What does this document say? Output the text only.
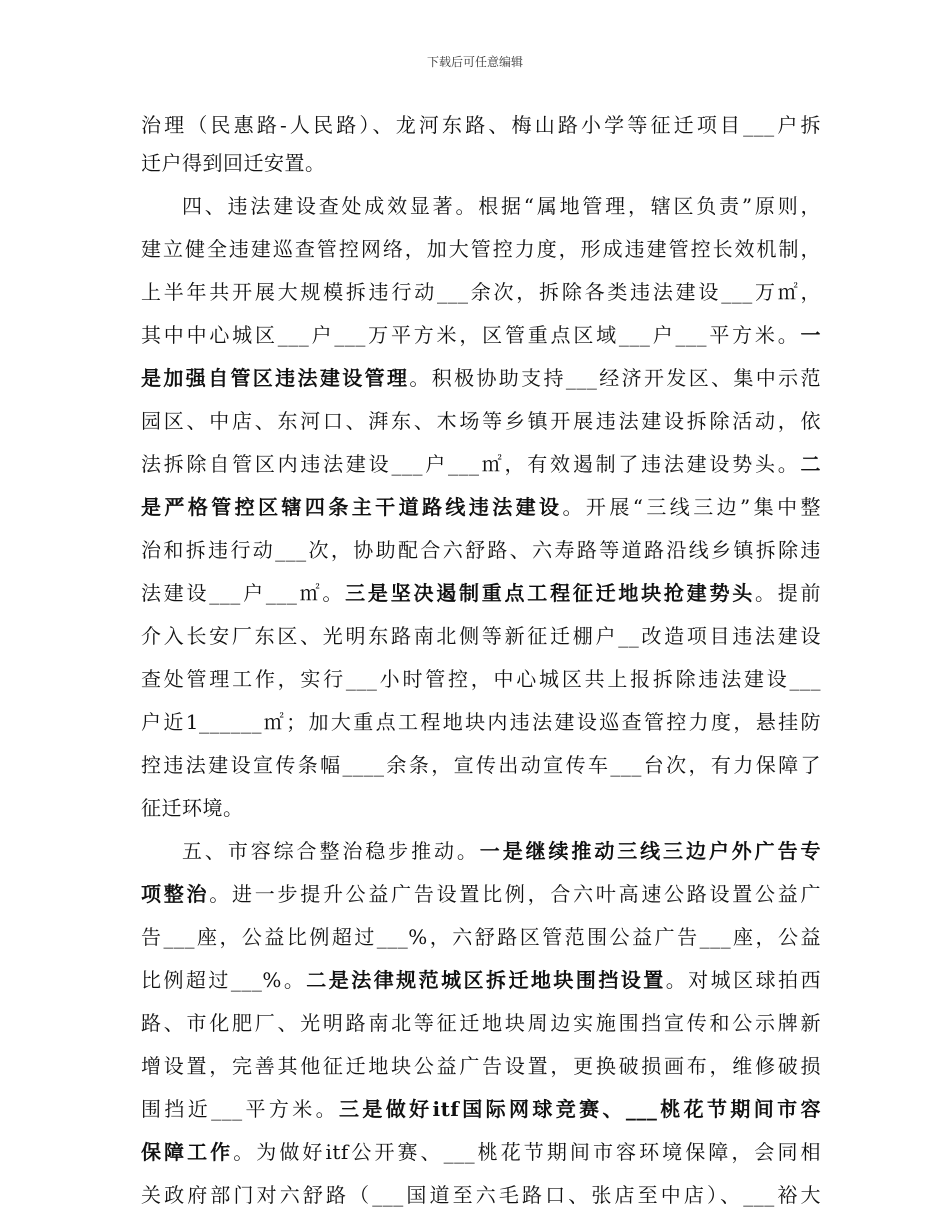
下载后可任意编辑
治理（民惠路-人民路）、龙河东路、梅山路小学等征迁项目___户拆
迁户得到回迁安置。
四、违法建设查处成效显著。根据“属地管理，辖区负责”原则，
建立健全违建巡查管控网络，加大管控力度，形成违建管控长效机制，
上半年共开展大规模拆违行动___余次，拆除各类违法建设___万㎡，
其中中心城区___户___万平方米，区管重点区域___户___平方米。一
是加强自管区违法建设管理。积极协助支持___经济开发区、集中示范
园区、中店、东河口、湃东、木场等乡镇开展违法建设拆除活动，依
法拆除自管区内违法建设___户___㎡，有效遏制了违法建设势头。二
是严格管控区辖四条主干道路线违法建设。开展“三线三边”集中整
治和拆违行动___次，协助配合六舒路、六寿路等道路沿线乡镇拆除违
法建设___户___㎡。三是坚决遏制重点工程征迁地块抢建势头。提前
介入长安厂东区、光明东路南北侧等新征迁棚户__改造项目违法建设
查处管理工作，实行___小时管控，中心城区共上报拆除违法建设___
户近1______㎡；加大重点工程地块内违法建设巡查管控力度，悬挂防
控违法建设宣传条幅____余条，宣传出动宣传车___台次，有力保障了
征迁环境。
五、市容综合整治稳步推动。一是继续推动三线三边户外广告专
项整治。进一步提升公益广告设置比例，合六叶高速公路设置公益广
告___座，公益比例超过___%，六舒路区管范围公益广告___座，公益
比例超过___%。二是法律规范城区拆迁地块围挡设置。对城区球拍西
路、市化肥厂、光明路南北等征迁地块周边实施围挡宣传和公示牌新
增设置，完善其他征迁地块公益广告设置，更换破损画布，维修破损
围挡近___平方米。三是做好itf国际网球竞赛、___桃花节期间市容
保障工作。为做好itf公开赛、___桃花节期间市容环境保障，会同相
关政府部门对六舒路（___国道至六毛路口、张店至中店）、___裕大
